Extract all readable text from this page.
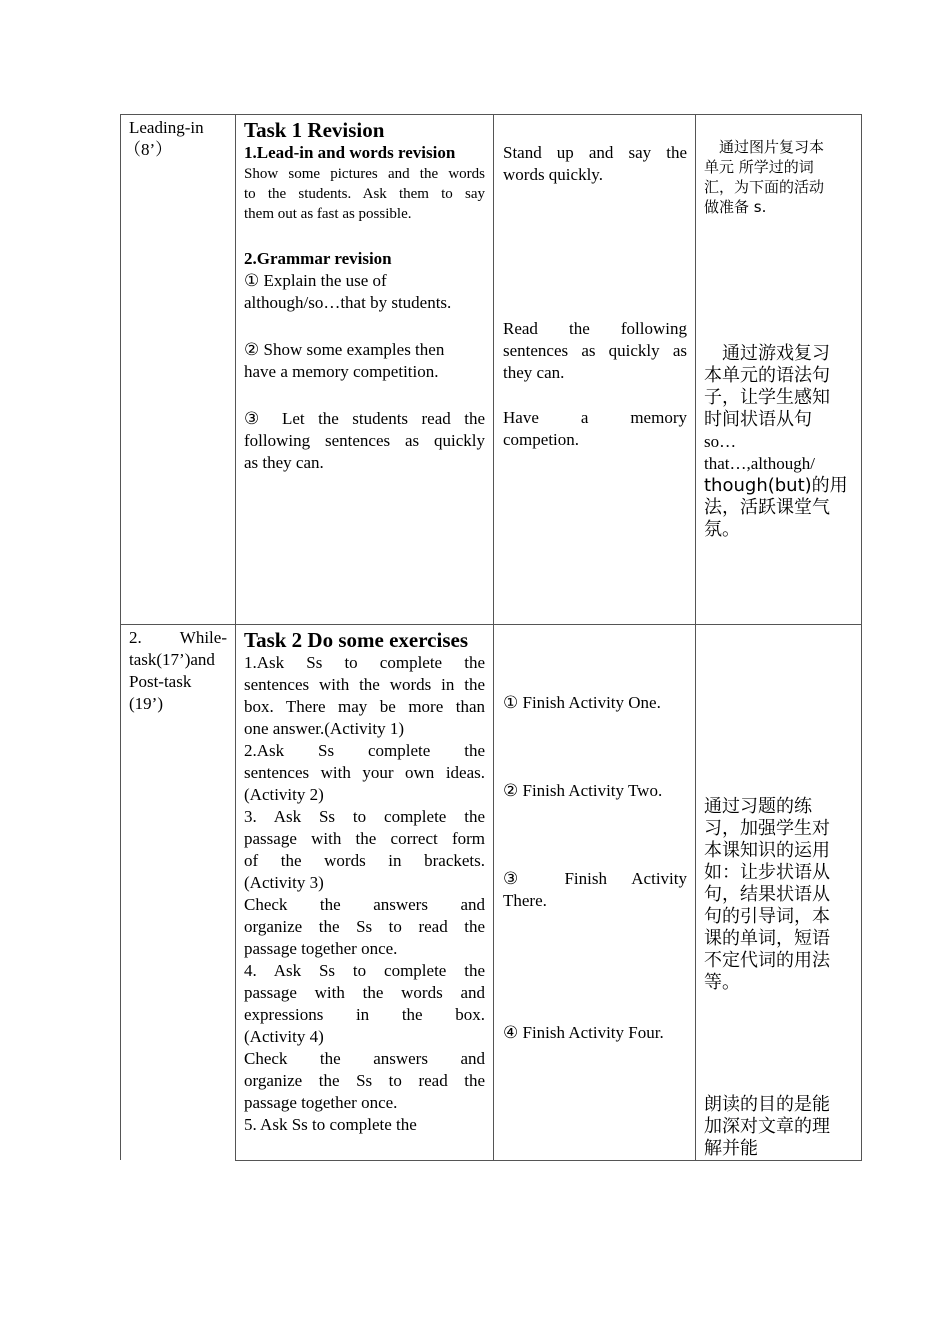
Leading-in

（8’）

Task 1 Revision

1.Lead-in and words revision

Show some pictures and the words

to the students. Ask them to say

them out as fast as possible.

2.Grammar revision

① Explain the use of

although/so…that by students.

② Show some examples then

have a memory competition.

③ Let the students read the

following sentences as quickly

as they can.

Stand up and say the

words quickly.

Read the following

sentences as quickly as

they can.

Have a memory

competion.

　通过图片复习本

单元 所学过的词

汇，为下面的活动

做准备 s.

　通过游戏复习

本单元的语法句

子，让学生感知

时间状语从句

so…

that…,although/

though(but)的用

法，活跃课堂气

氛。

2. While-

task(17’)and

Post-task

(19’)

Task 2 Do some exercises

1.Ask Ss to complete the

sentences with the words in the

box. There may be more than

one answer.(Activity 1)

2.Ask Ss complete the

sentences with your own ideas.

(Activity 2)

3. Ask Ss to complete the

passage with the correct form

of the words in brackets.

(Activity 3)

Check the answers and

organize the Ss to read the

passage together once.

4. Ask Ss to complete the

passage with the words and

expressions in the box.

(Activity 4)

Check the answers and

organize the Ss to read the

passage together once.

5. Ask Ss to complete the

① Finish Activity One.

② Finish Activity Two.

③ Finish Activity

There.

④ Finish Activity Four.

通过习题的练

习，加强学生对

本课知识的运用

如：让步状语从

句，结果状语从

句的引导词，本

课的单词，短语

不定代词的用法

等。

朗读的目的是能

加深对文章的理

解并能
